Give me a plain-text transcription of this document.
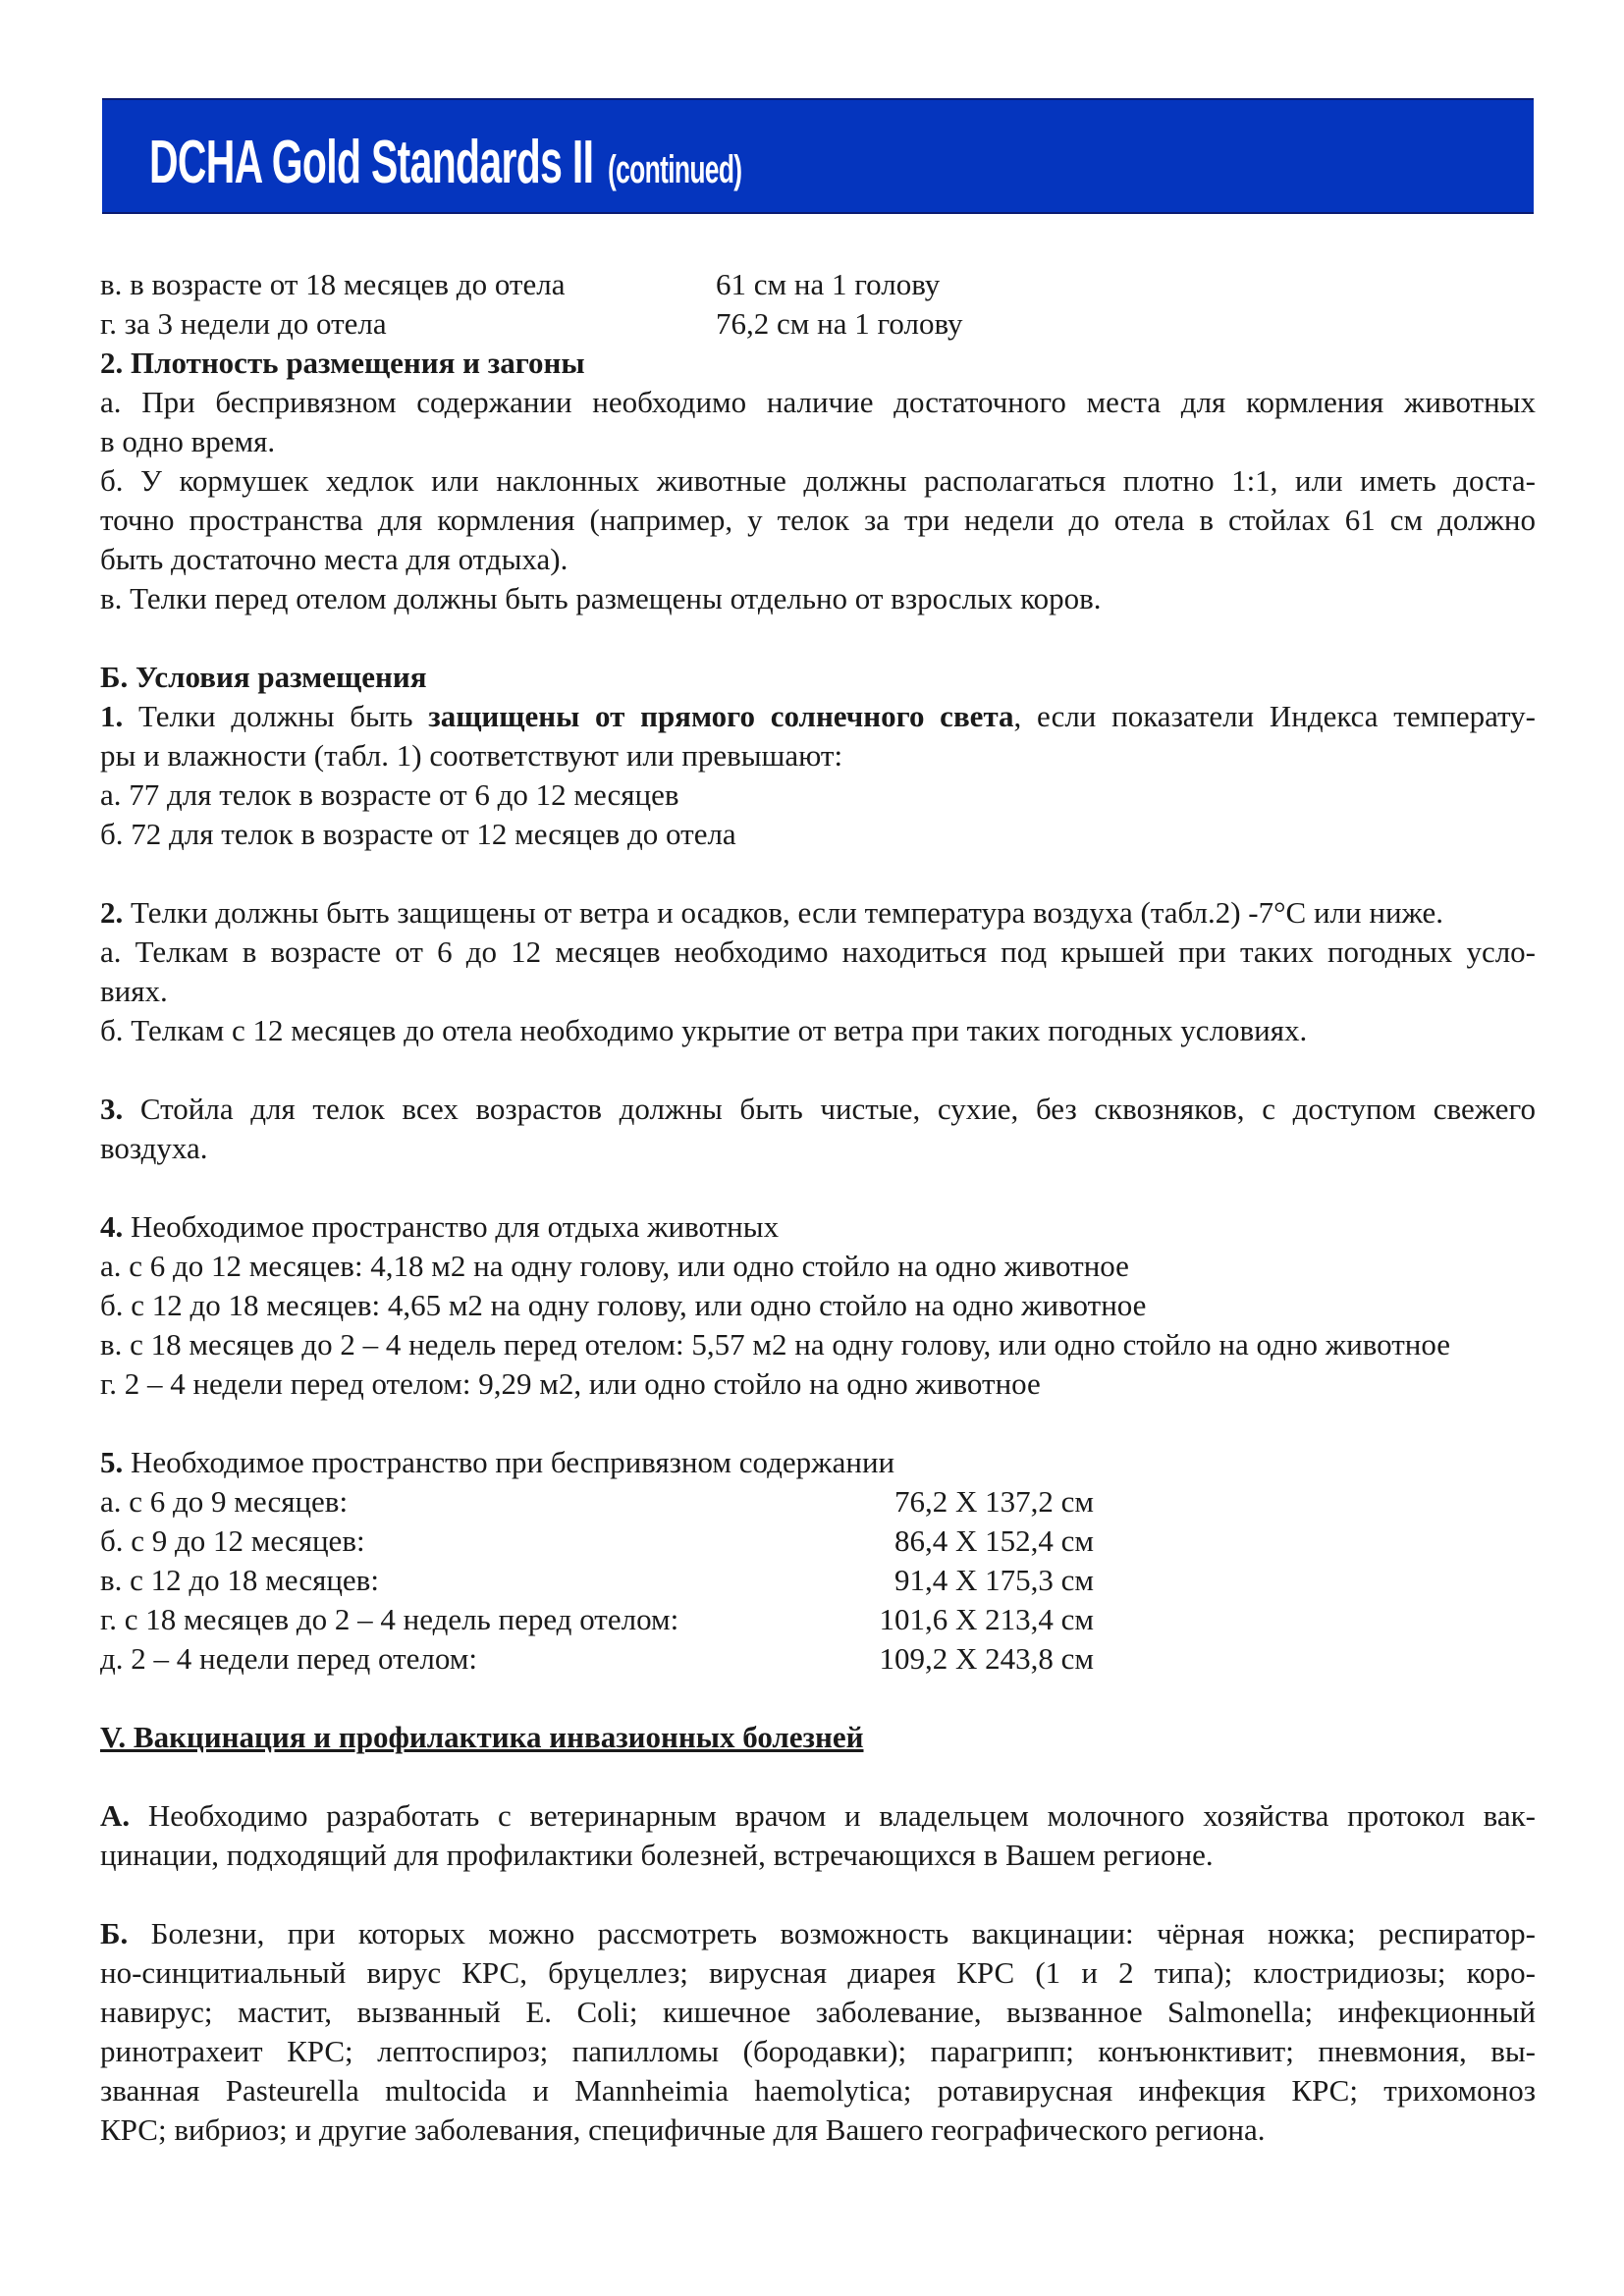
DCHA Gold Standards II (continued)
в. в возрасте от 18 месяцев до отела	61 см на 1 голову
г. за 3 недели до отела	76,2 см на 1 голову
2. Плотность размещения и загоны
а. При беспривязном содержании необходимо наличие достаточного места для кормления животных
в одно время.
б. У кормушек хедлок или наклонных животные должны располагаться плотно 1:1, или иметь доста-
точно пространства для кормления (например, у телок за три недели до отела в стойлах 61 см должно
быть достаточно места для отдыха).
в. Телки перед отелом должны быть размещены отдельно от взрослых коров.
Б. Условия размещения
1. Телки должны быть защищены от прямого солнечного света, если показатели Индекса температу-
ры и влажности (табл. 1) соответствуют или превышают:
а. 77 для телок в возрасте от 6 до 12 месяцев
б. 72 для телок в возрасте от 12 месяцев до отела
2. Телки должны быть защищены от ветра и осадков, если температура воздуха (табл.2) -7°C или ниже.
а. Телкам в возрасте от 6 до 12 месяцев необходимо находиться под крышей при таких погодных усло-
виях.
б. Телкам с 12 месяцев до отела необходимо укрытие от ветра при таких погодных условиях.
3. Стойла для телок всех возрастов должны быть чистые, сухие, без сквозняков, с доступом свежего
воздуха.
4. Необходимое пространство для отдыха животных
а. с 6 до 12 месяцев: 4,18 м2 на одну голову, или одно стойло на одно животное
б. с 12 до 18 месяцев: 4,65 м2 на одну голову, или одно стойло на одно животное
в. с 18 месяцев до 2 – 4 недель перед отелом: 5,57 м2 на одну голову, или одно стойло на одно животное
г. 2 – 4 недели перед отелом: 9,29 м2, или одно стойло на одно животное
5. Необходимое пространство при беспривязном содержании
а. с 6 до 9 месяцев:	76,2 Х 137,2 см
б. с 9 до 12 месяцев:	86,4 Х 152,4 см
в. с 12 до 18 месяцев:	91,4 Х 175,3 см
г. с 18 месяцев до 2 – 4 недель перед отелом:	101,6 Х 213,4 см
д. 2 – 4 недели перед отелом:	109,2 Х 243,8 см
V. Вакцинация и профилактика инвазионных болезней
А. Необходимо разработать с ветеринарным врачом и владельцем молочного хозяйства протокол вак-
цинации, подходящий для профилактики болезней, встречающихся в Вашем регионе.
Б. Болезни, при которых можно рассмотреть возможность вакцинации: чёрная ножка; респиратор-
но-синцитиальный вирус КРС, бруцеллез; вирусная диарея КРС (1 и 2 типа); клостридиозы; коро-
навирус; мастит, вызванный E. Coli; кишечное заболевание, вызванное Salmonella; инфекционный
ринотрахеит КРС; лептоспироз; папилломы (бородавки); парагрипп; конъюнктивит; пневмония, вы-
званная Pasteurella multocida и Mannheimia haemolytica; ротавирусная инфекция КРС; трихомоноз
КРС; вибриоз; и другие заболевания, специфичные для Вашего географического региона.
